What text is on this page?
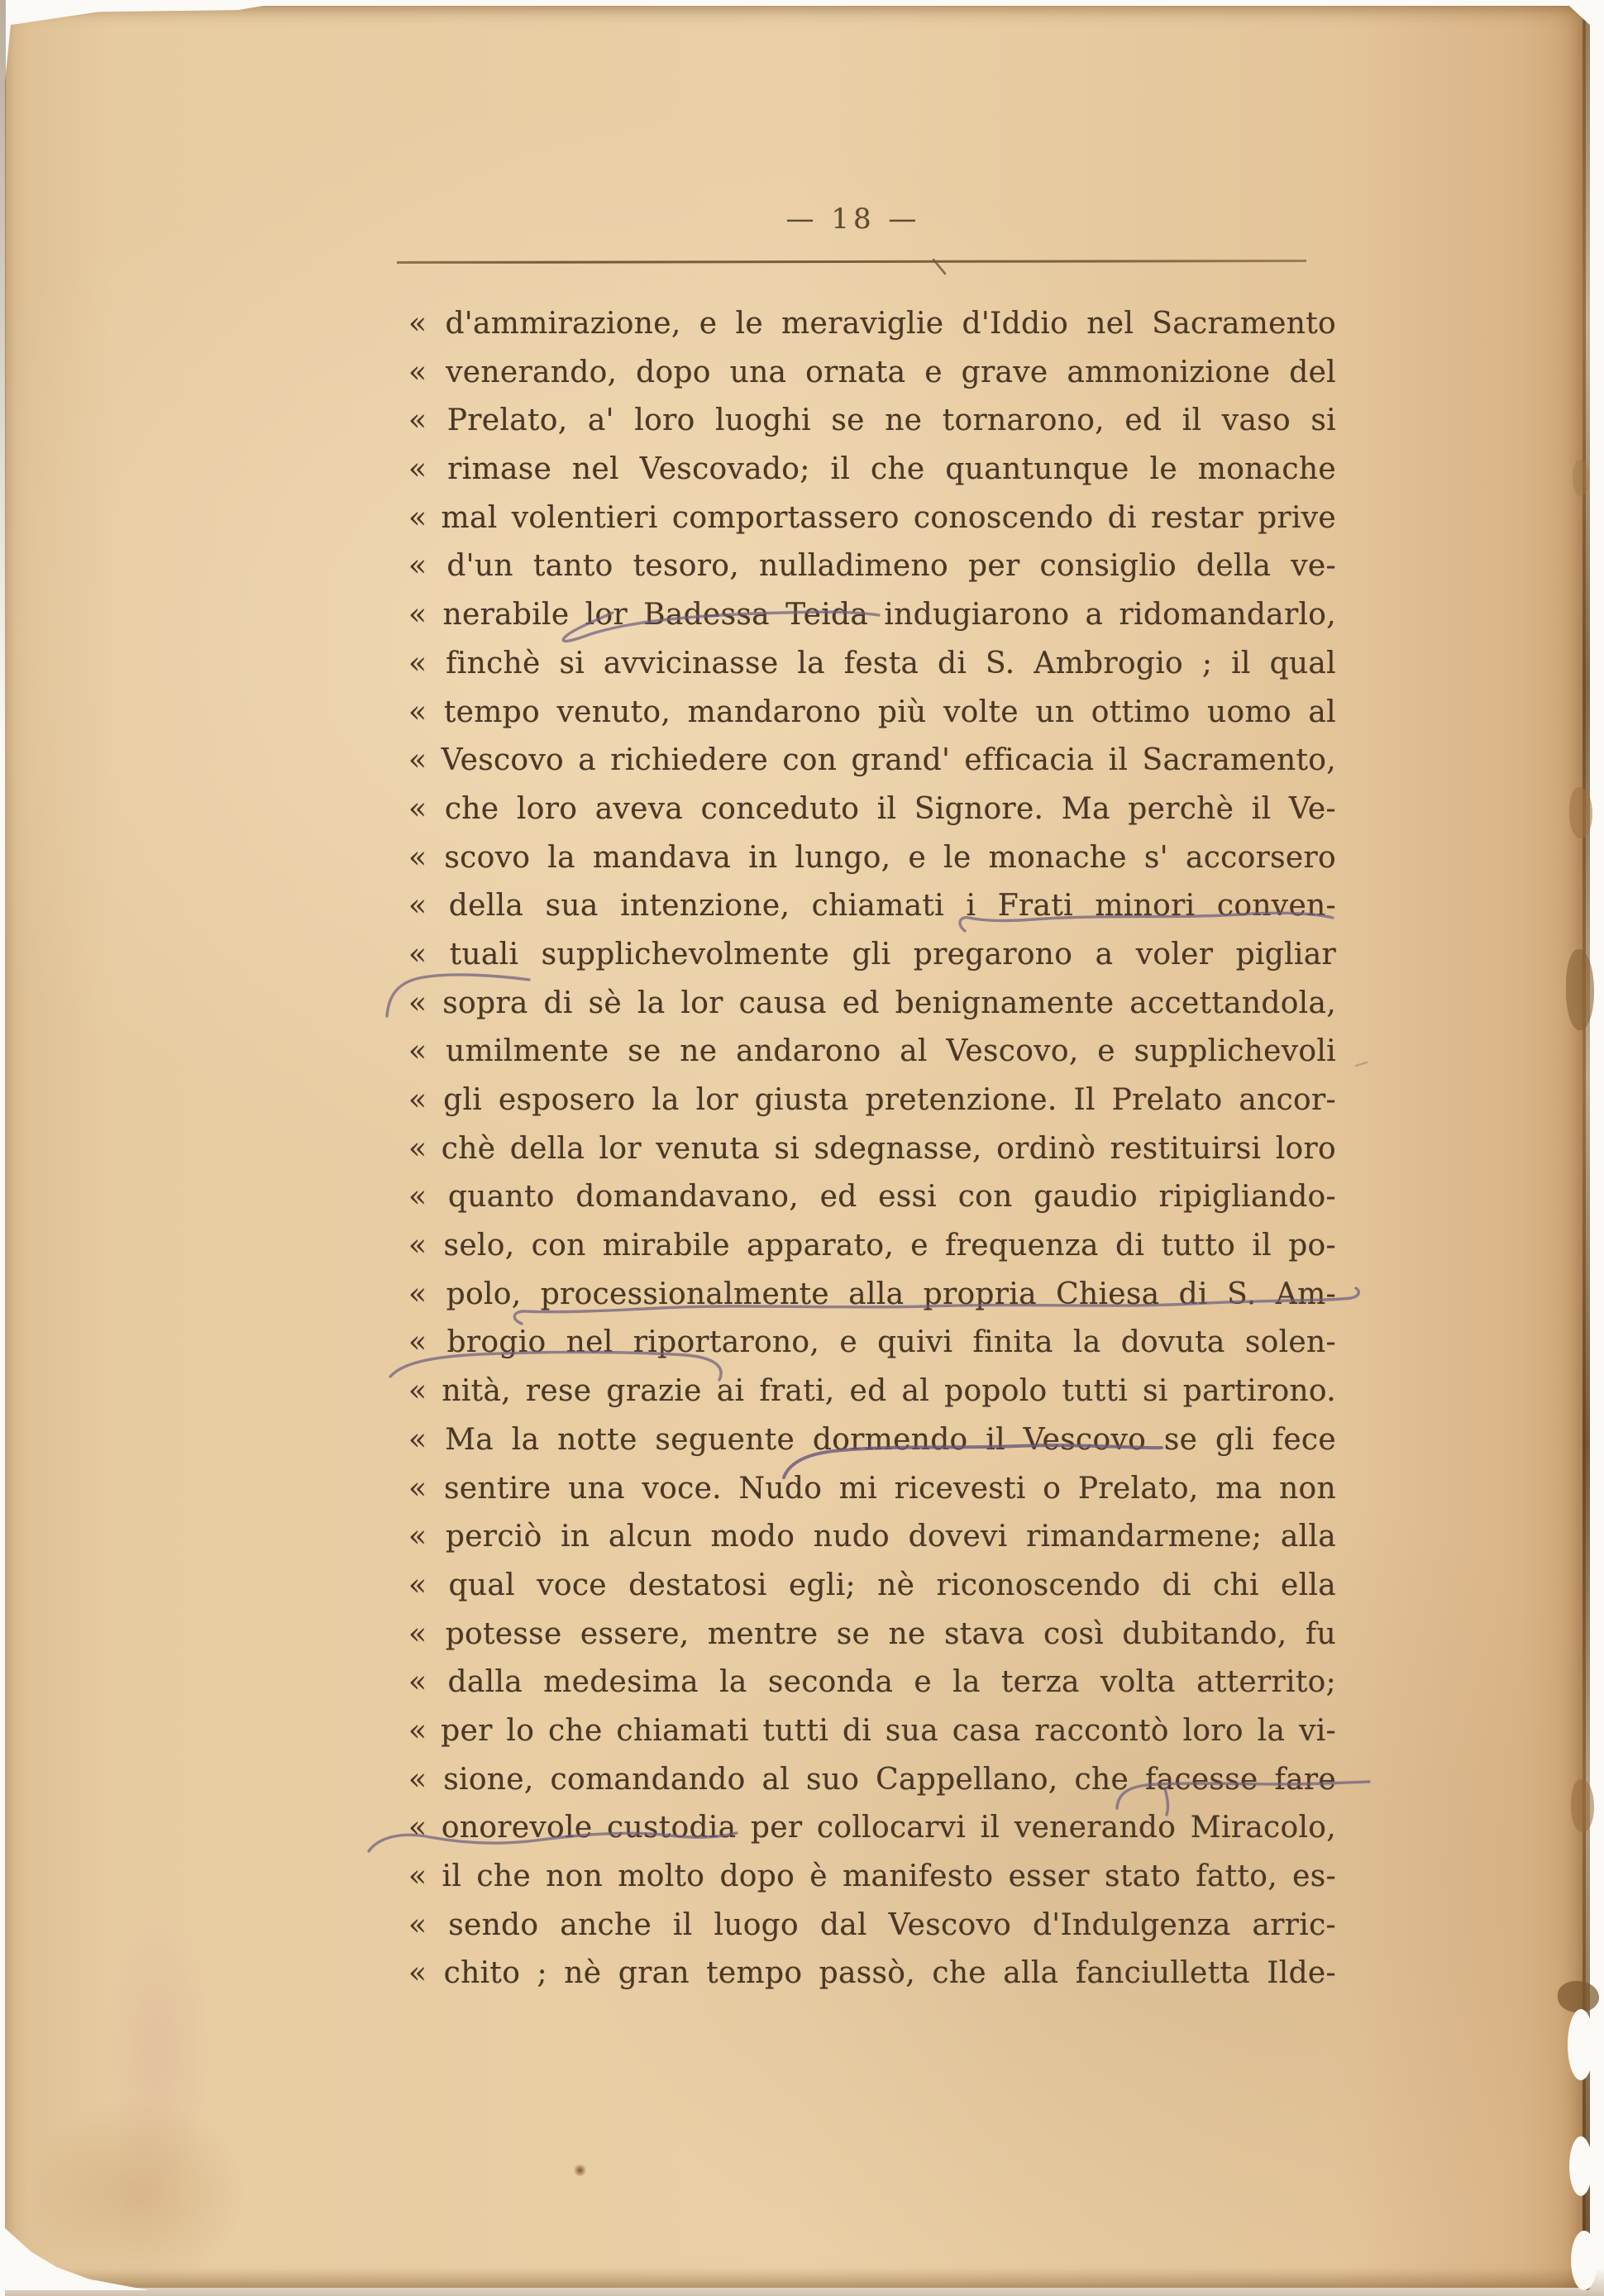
— 18 —

« d'ammirazione, e le meraviglie d'Iddio nel Sacramento

« venerando, dopo una ornata e grave ammonizione del

« Prelato, a' loro luoghi se ne tornarono, ed il vaso si

« rimase nel Vescovado; il che quantunque le monache

« mal volentieri comportassero conoscendo di restar prive

« d'un tanto tesoro, nulladimeno per consiglio della ve-

« nerabile lor Badessa Teida indugiarono a ridomandarlo,

« finchè si avvicinasse la festa di S. Ambrogio ; il qual

« tempo venuto, mandarono più volte un ottimo uomo al

« Vescovo a richiedere con grand' efficacia il Sacramento,

« che loro aveva conceduto il Signore. Ma perchè il Ve-

« scovo la mandava in lungo, e le monache s' accorsero

« della sua intenzione, chiamati i Frati minori conven-

« tuali supplichevolmente gli pregarono a voler pigliar

« sopra di sè la lor causa ed benignamente accettandola,

« umilmente se ne andarono al Vescovo, e supplichevoli

« gli esposero la lor giusta pretenzione. Il Prelato ancor-

« chè della lor venuta si sdegnasse, ordinò restituirsi loro

« quanto domandavano, ed essi con gaudio ripigliando-

« selo, con mirabile apparato, e frequenza di tutto il po-

« polo, processionalmente alla propria Chiesa di S. Am-

« brogio nel riportarono, e quivi finita la dovuta solen-

« nità, rese grazie ai frati, ed al popolo tutti si partirono.

« Ma la notte seguente dormendo il Vescovo se gli fece

« sentire una voce. Nudo mi ricevesti o Prelato, ma non

« perciò in alcun modo nudo dovevi rimandarmene; alla

« qual voce destatosi egli; nè riconoscendo di chi ella

« potesse essere, mentre se ne stava così dubitando, fu

« dalla medesima la seconda e la terza volta atterrito;

« per lo che chiamati tutti di sua casa raccontò loro la vi-

« sione, comandando al suo Cappellano, che facesse fare

« onorevole custodia per collocarvi il venerando Miracolo,

« il che non molto dopo è manifesto esser stato fatto, es-

« sendo anche il luogo dal Vescovo d'Indulgenza arric-

« chito ; nè gran tempo passò, che alla fanciulletta Ilde-
